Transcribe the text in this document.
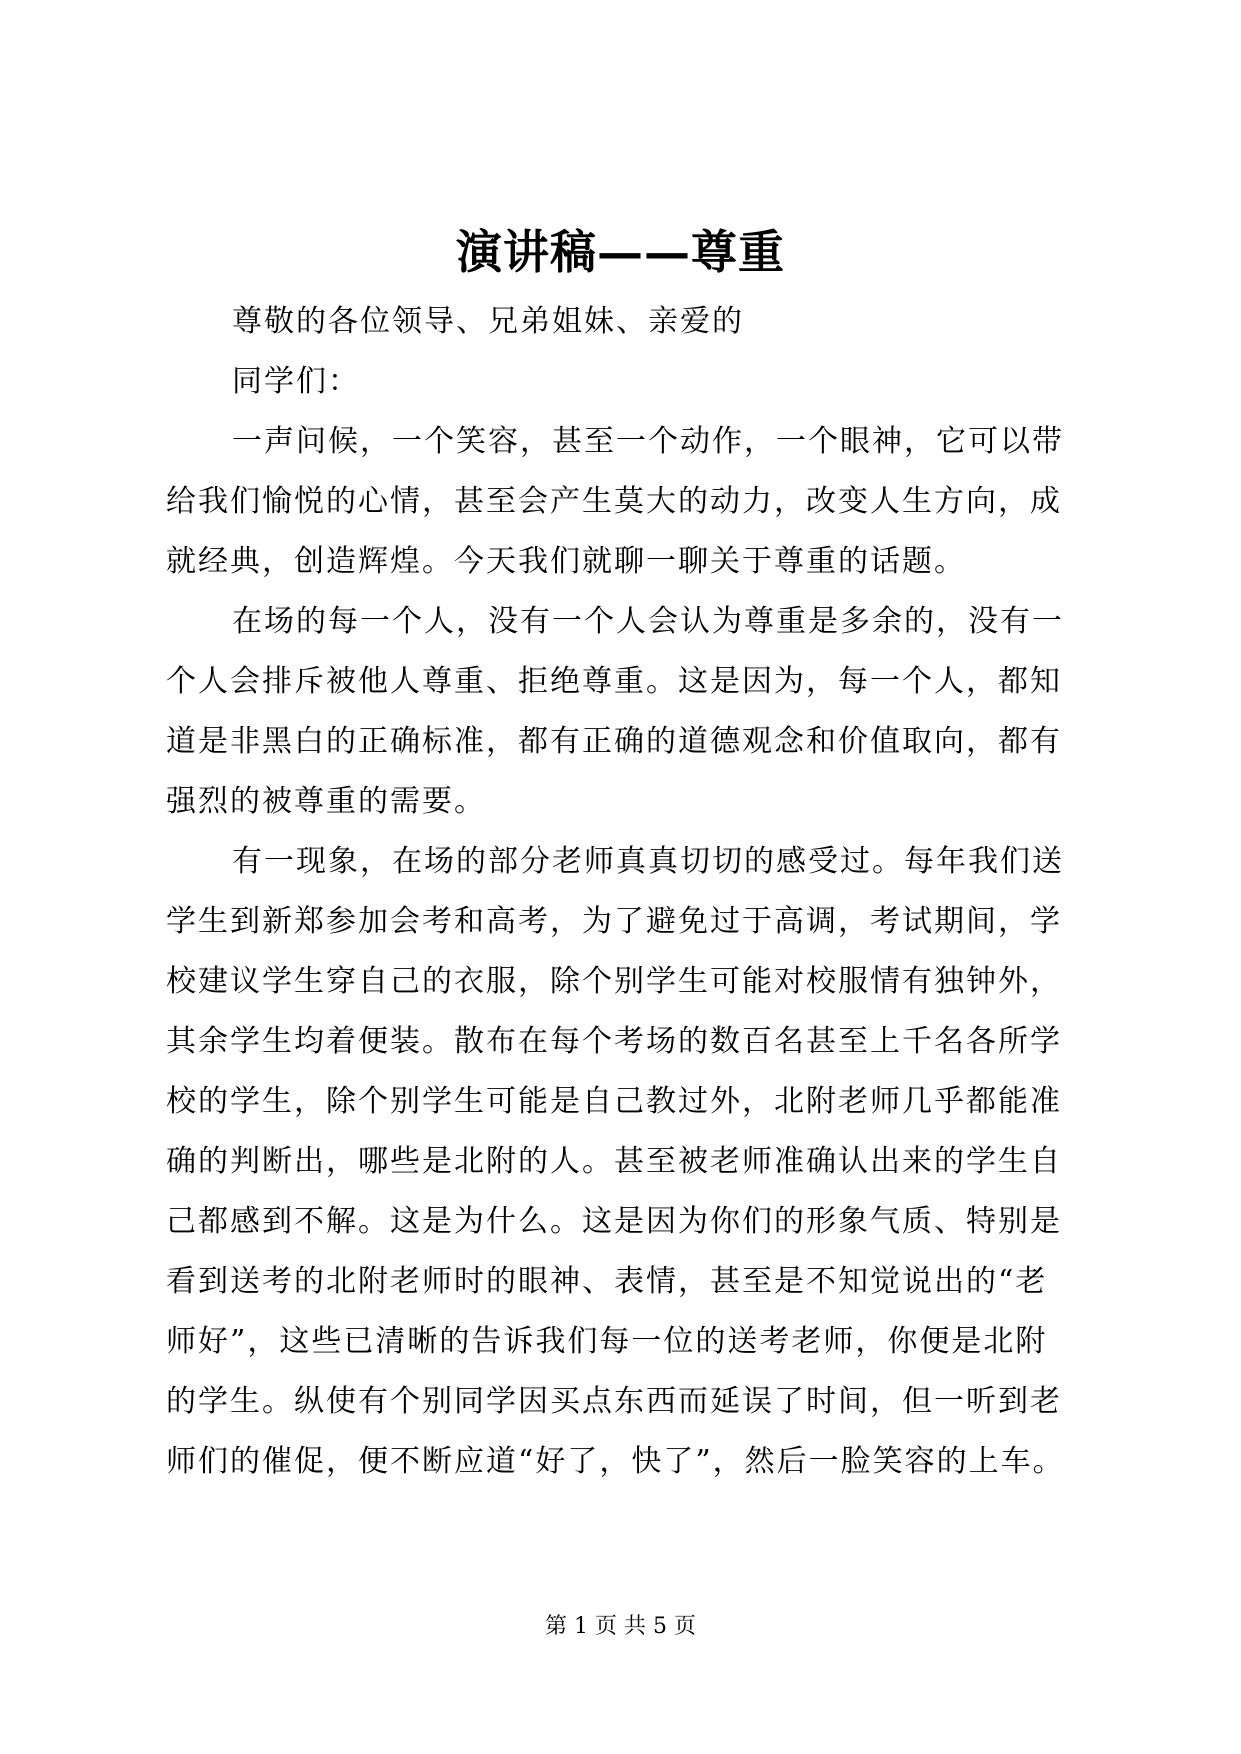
演讲稿——尊重
尊敬的各位领导、兄弟姐妹、亲爱的
同学们：
一声问候，一个笑容，甚至一个动作，一个眼神，它可以带
给我们愉悦的心情，甚至会产生莫大的动力，改变人生方向，成
就经典，创造辉煌。今天我们就聊一聊关于尊重的话题。
在场的每一个人，没有一个人会认为尊重是多余的，没有一
个人会排斥被他人尊重、拒绝尊重。这是因为，每一个人，都知
道是非黑白的正确标准，都有正确的道德观念和价值取向，都有
强烈的被尊重的需要。
有一现象，在场的部分老师真真切切的感受过。每年我们送
学生到新郑参加会考和高考，为了避免过于高调，考试期间，学
校建议学生穿自己的衣服，除个别学生可能对校服情有独钟外，
其余学生均着便装。散布在每个考场的数百名甚至上千名各所学
校的学生，除个别学生可能是自己教过外，北附老师几乎都能准
确的判断出，哪些是北附的人。甚至被老师准确认出来的学生自
己都感到不解。这是为什么。这是因为你们的形象气质、特别是
看到送考的北附老师时的眼神、表情，甚至是不知觉说出的“老
师好”，这些已清晰的告诉我们每一位的送考老师，你便是北附
的学生。纵使有个别同学因买点东西而延误了时间，但一听到老
师们的催促，便不断应道“好了，快了”，然后一脸笑容的上车。
第 1 页 共 5 页
